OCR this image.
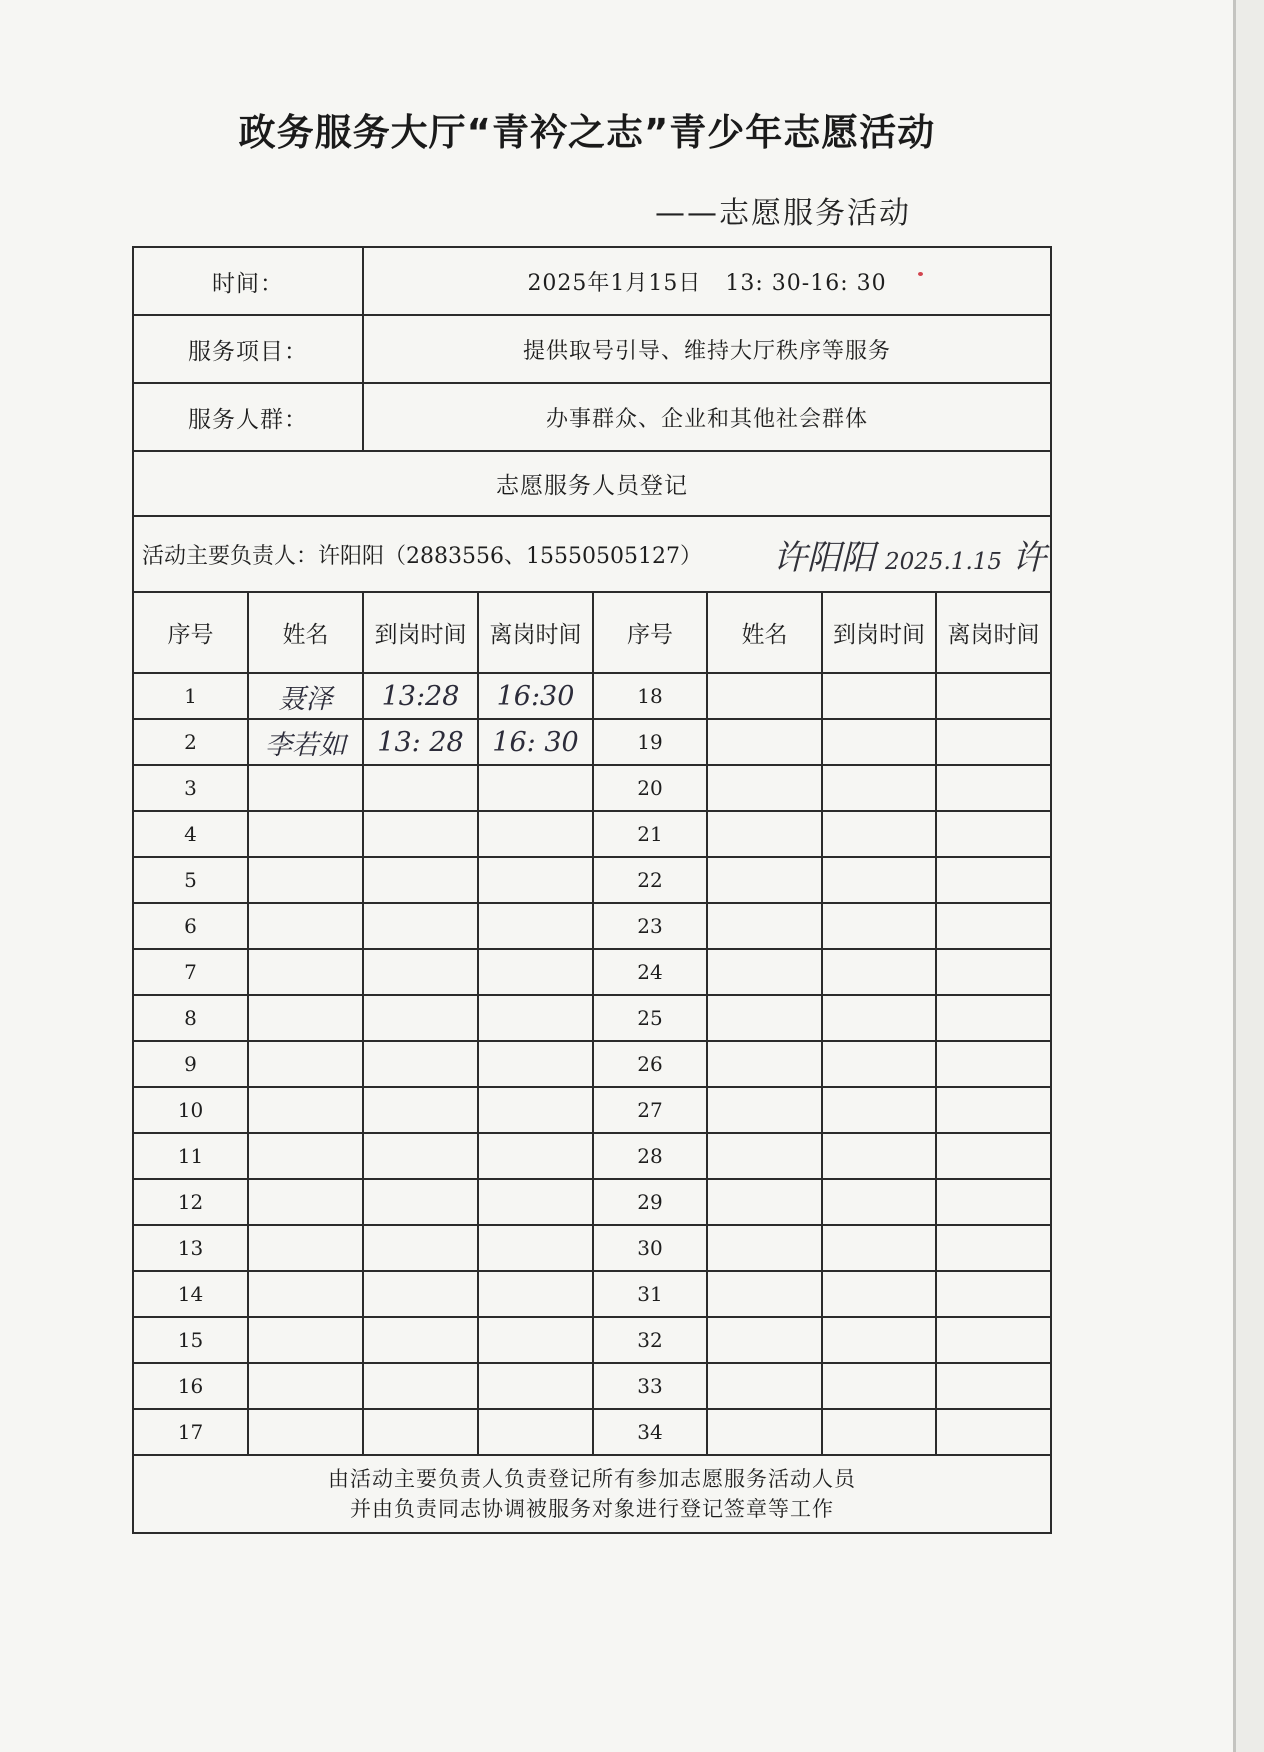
政务服务大厅“青衿之志”青少年志愿活动
——志愿服务活动
时间：		2025年1月15日   13: 30-16: 30					
服务项目：		提供取号引导、维持大厅秩序等服务					
服务人群：		办事群众、企业和其他社会群体					
志愿服务人员登记							

活动主要负责人：许阳阳（2883556、15550505127） 许阳阳 2025.1.15 许							

序号	姓名	到岗时间	离岗时间	序号	姓名	到岗时间	离岗时间
1	聂泽	13:28	16:30	18			
2	李若如	13: 28	16: 30	19			
3				20			
4				21			
5				22			
6				23			
7				24			
8				25			
9				26			
10				27			
11				28			
12				29			
13				30			
14				31			
15				32			
16				33			
17				34			

由活动主要负责人负责登记所有参加志愿服务活动人员
并由负责同志协调被服务对象进行登记签章等工作							
